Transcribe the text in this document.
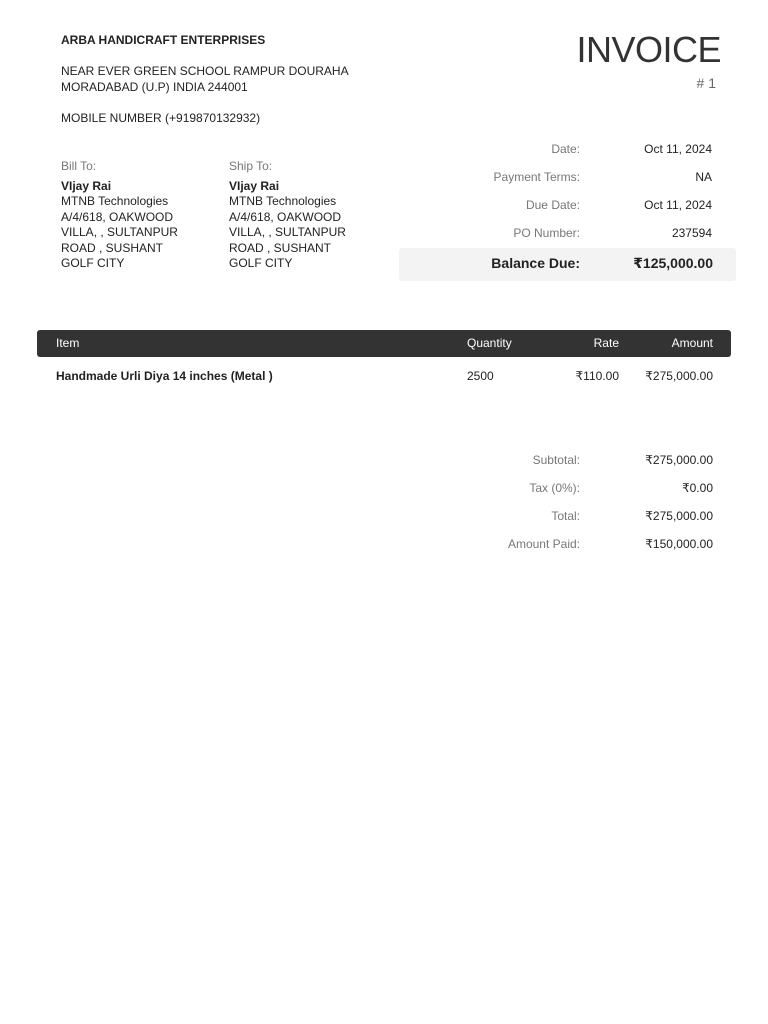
ARBA HANDICRAFT ENTERPRISES
NEAR EVER GREEN SCHOOL RAMPUR DOURAHA
MORADABAD (U.P) INDIA 244001
MOBILE NUMBER (+919870132932)
INVOICE
# 1
Bill To:
VIjay Rai
MTNB Technologies
A/4/618, OAKWOOD
VILLA, , SULTANPUR
ROAD , SUSHANT
GOLF CITY
Ship To:
VIjay Rai
MTNB Technologies
A/4/618, OAKWOOD
VILLA, , SULTANPUR
ROAD , SUSHANT
GOLF CITY
Date:	Oct 11, 2024
Payment Terms:	NA
Due Date:	Oct 11, 2024
PO Number:	237594
Balance Due:	₹125,000.00
Item	Quantity	Rate	Amount
Handmade Urli Diya 14 inches (Metal )	2500	₹110.00 ₹275,000.00
Subtotal:	₹275,000.00
Tax (0%):	₹0.00
Total:	₹275,000.00
Amount Paid:	₹150,000.00
